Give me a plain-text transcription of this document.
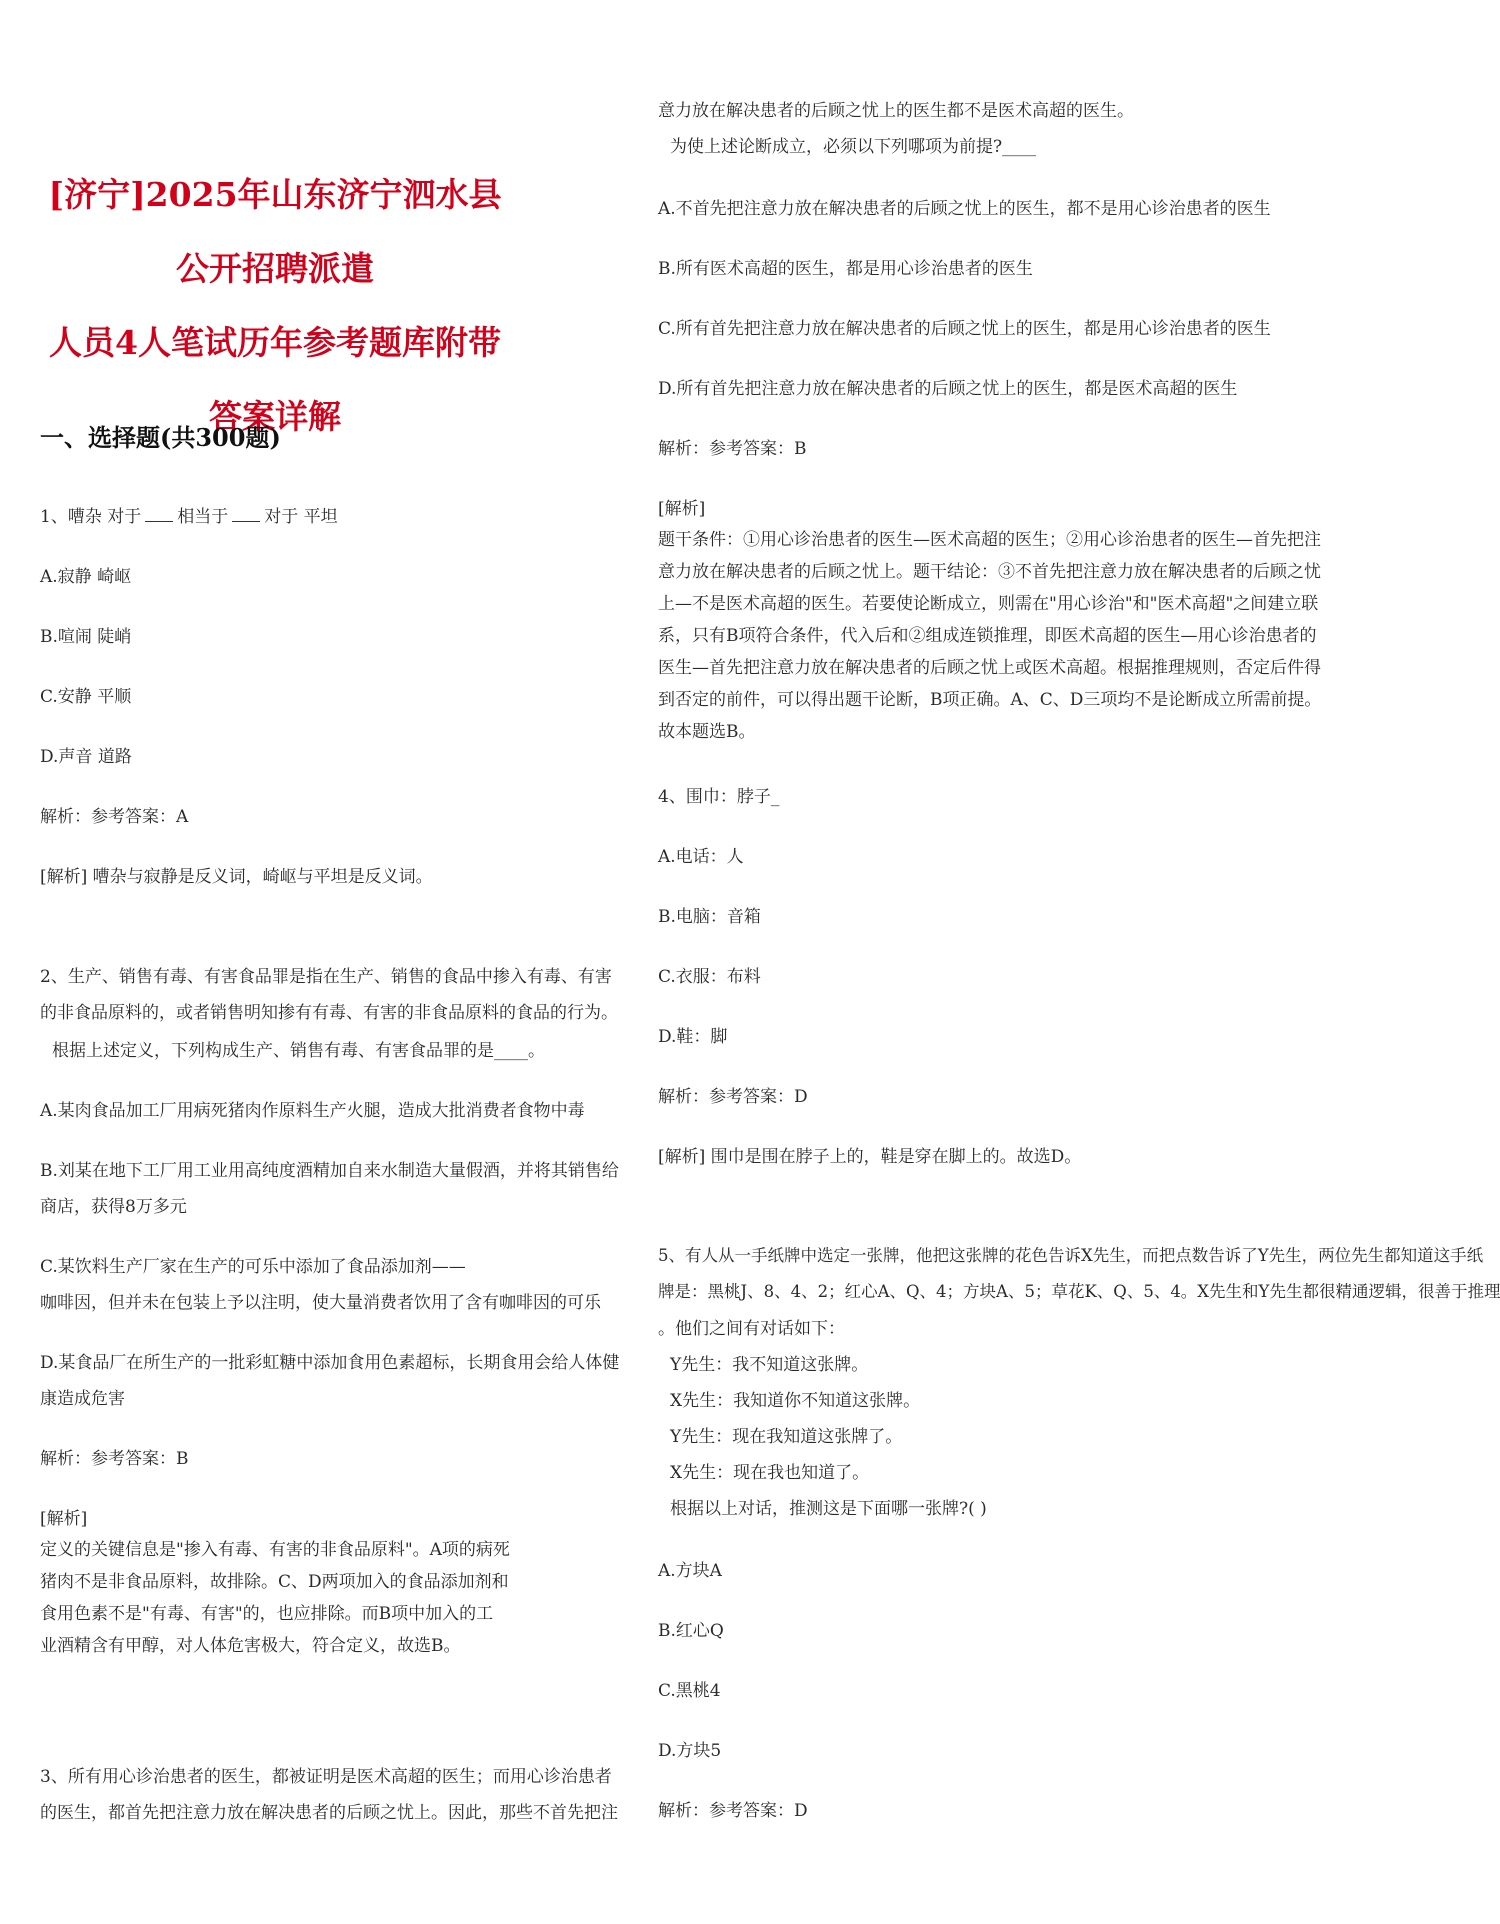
[济宁]2025年山东济宁泗水县公开招聘派遣
人员4人笔试历年参考题库附带答案详解
一、选择题(共300题)
1、嘈杂 对于 相当于 对于 平坦
A.寂静 崎岖
B.喧闹 陡峭
C.安静 平顺
D.声音 道路
解析：参考答案：A
[解析] 嘈杂与寂静是反义词，崎岖与平坦是反义词。
2、生产、销售有毒、有害食品罪是指在生产、销售的食品中掺入有毒、有害
的非食品原料的，或者销售明知掺有有毒、有害的非食品原料的食品的行为。
根据上述定义，下列构成生产、销售有毒、有害食品罪的是____。
A.某肉食品加工厂用病死猪肉作原料生产火腿，造成大批消费者食物中毒
B.刘某在地下工厂用工业用高纯度酒精加自来水制造大量假酒，并将其销售给
商店，获得8万多元
C.某饮料生产厂家在生产的可乐中添加了食品添加剂——
咖啡因，但并未在包装上予以注明，使大量消费者饮用了含有咖啡因的可乐
D.某食品厂在所生产的一批彩虹糖中添加食用色素超标，长期食用会给人体健
康造成危害
解析：参考答案：B
[解析]
定义的关键信息是"掺入有毒、有害的非食品原料"。A项的病死猪肉不是非食品原料，故排除。C、D两项加入的食品添加剂和食用色素不是"有毒、有害"的，也应排除。而B项中加入的工业酒精含有甲醇，对人体危害极大，符合定义，故选B。
3、所有用心诊治患者的医生，都被证明是医术高超的医生；而用心诊治患者
的医生，都首先把注意力放在解决患者的后顾之忧上。因此，那些不首先把注
意力放在解决患者的后顾之忧上的医生都不是医术高超的医生。
为使上述论断成立，必须以下列哪项为前提?____
A.不首先把注意力放在解决患者的后顾之忧上的医生，都不是用心诊治患者的医生
B.所有医术高超的医生，都是用心诊治患者的医生
C.所有首先把注意力放在解决患者的后顾之忧上的医生，都是用心诊治患者的医生
D.所有首先把注意力放在解决患者的后顾之忧上的医生，都是医术高超的医生
解析：参考答案：B
[解析]
题干条件：①用心诊治患者的医生—医术高超的医生；②用心诊治患者的医生—首先把注意力放在解决患者的后顾之忧上。题干结论：③不首先把注意力放在解决患者的后顾之忧上—不是医术高超的医生。若要使论断成立，则需在"用心诊治"和"医术高超"之间建立联系，只有B项符合条件，代入后和②组成连锁推理，即医术高超的医生—用心诊治患者的医生—首先把注意力放在解决患者的后顾之忧上或医术高超。根据推理规则，否定后件得到否定的前件，可以得出题干论断，B项正确。A、C、D三项均不是论断成立所需前提。故本题选B。
4、围巾：脖子_
A.电话：人
B.电脑：音箱
C.衣服：布料
D.鞋：脚
解析：参考答案：D
[解析] 围巾是围在脖子上的，鞋是穿在脚上的。故选D。
5、有人从一手纸牌中选定一张牌，他把这张牌的花色告诉X先生，而把点数告诉了Y先生，两位先生都知道这手纸
牌是：黑桃J、8、4、2；红心A、Q、4；方块A、5；草花K、Q、5、4。X先生和Y先生都很精通逻辑，很善于推理
。他们之间有对话如下：
Y先生：我不知道这张牌。
X先生：我知道你不知道这张牌。
Y先生：现在我知道这张牌了。
X先生：现在我也知道了。
根据以上对话，推测这是下面哪一张牌?( )
A.方块A
B.红心Q
C.黑桃4
D.方块5
解析：参考答案：D
